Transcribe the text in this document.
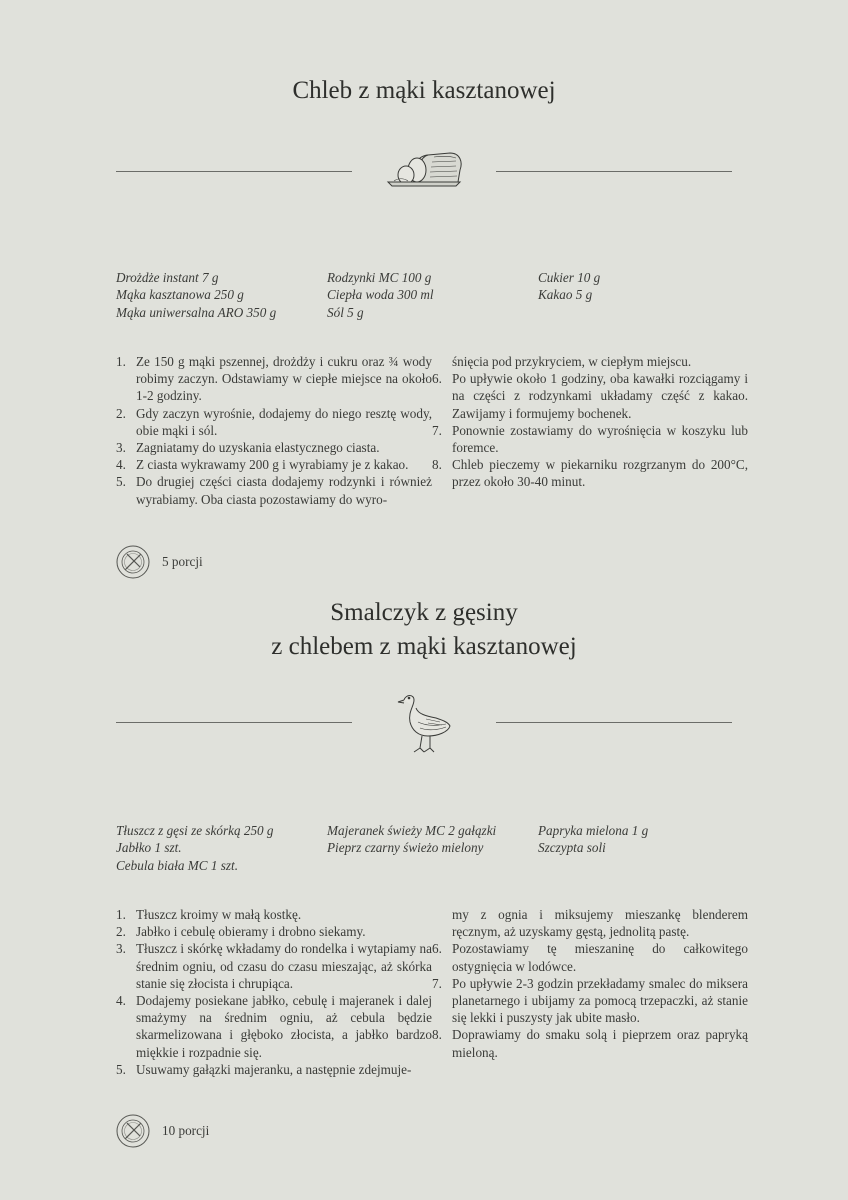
Chleb z mąki kasztanowej
Drożdże instant 7 g
Mąka kasztanowa 250 g
Mąka uniwersalna ARO 350 g
Rodzynki MC 100 g
Ciepła woda 300 ml
Sól 5 g
Cukier 10 g
Kakao 5 g
1. Ze 150 g mąki pszennej, drożdży i cukru oraz ¾ wody robimy zaczyn. Odstawiamy w ciepłe miejsce na około 1-2 godziny.
2. Gdy zaczyn wyrośnie, dodajemy do niego resztę wody, obie mąki i sól.
3. Zagniatamy do uzyskania elastycznego ciasta.
4. Z ciasta wykrawamy 200 g i wyrabiamy je z kakao.
5. Do drugiej części ciasta dodajemy rodzynki i również wyrabiamy. Oba ciasta pozostawiamy do wyro-
śnięcia pod przykryciem, w ciepłym miejscu.
6. Po upływie około 1 godziny, oba kawałki rozciągamy i na części z rodzynkami układamy część z kakao. Zawijamy i formujemy bochenek.
7. Ponownie zostawiamy do wyrośnięcia w koszyku lub foremce.
8. Chleb pieczemy w piekarniku rozgrzanym do 200°C, przez około 30-40 minut.
5 porcji
Smalczyk z gęsiny
z chlebem z mąki kasztanowej
Tłuszcz z gęsi ze skórką 250 g
Jabłko 1 szt.
Cebula biała MC 1 szt.
Majeranek świeży MC 2 gałązki
Pieprz czarny świeżo mielony
Papryka mielona 1 g
Szczypta soli
1. Tłuszcz kroimy w małą kostkę.
2. Jabłko i cebulę obieramy i drobno siekamy.
3. Tłuszcz i skórkę wkładamy do rondelka i wytapiamy na średnim ogniu, od czasu do czasu mieszając, aż skórka stanie się złocista i chrupiąca.
4. Dodajemy posiekane jabłko, cebulę i majeranek i dalej smażymy na średnim ogniu, aż cebula będzie skarmelizowana i głęboko złocista, a jabłko bardzo miękkie i rozpadnie się.
5. Usuwamy gałązki majeranku, a następnie zdejmuje-
my z ognia i miksujemy mieszankę blenderem ręcznym, aż uzyskamy gęstą, jednolitą pastę.
6. Pozostawiamy tę mieszaninę do całkowitego ostygnięcia w lodówce.
7. Po upływie 2-3 godzin przekładamy smalec do miksera planetarnego i ubijamy za pomocą trzepaczki, aż stanie się lekki i puszysty jak ubite masło.
8. Doprawiamy do smaku solą i pieprzem oraz papryką mieloną.
10 porcji
